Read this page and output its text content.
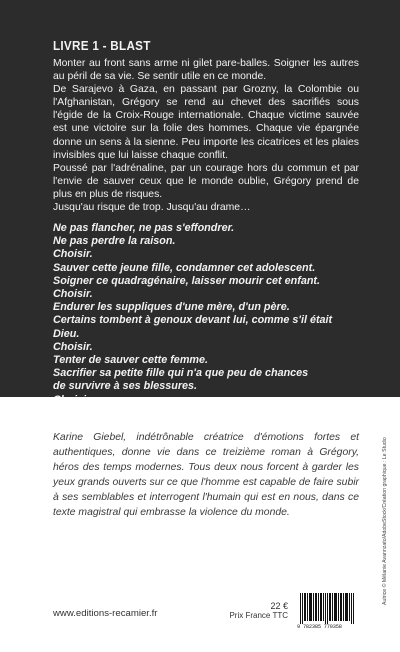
LIVRE 1 - BLAST

Monter au front sans arme ni gilet pare-balles. Soigner les autres au péril de sa vie. Se sentir utile en ce monde.

De Sarajevo à Gaza, en passant par Grozny, la Colombie ou l'Afghanistan, Grégory se rend au chevet des sacrifiés sous l'égide de la Croix-Rouge internationale. Chaque victime sauvée est une victoire sur la folie des hommes. Chaque vie épargnée donne un sens à la sienne. Peu importe les cicatrices et les plaies invisibles que lui laisse chaque conflit.

Poussé par l'adrénaline, par un courage hors du commun et par l'envie de sauver ceux que le monde oublie, Grégory prend de plus en plus de risques.

Jusqu'au risque de trop. Jusqu'au drame…

Ne pas flancher, ne pas s'effondrer.
Ne pas perdre la raison.
Choisir.
Sauver cette jeune fille, condamner cet adolescent.
Soigner ce quadragénaire, laisser mourir cet enfant.
Choisir.
Endurer les suppliques d'une mère, d'un père.
Certains tombent à genoux devant lui, comme s'il était
Dieu.
Choisir.
Tenter de sauver cette femme.
Sacrifier sa petite fille qui n'a que peu de chances
de survivre à ses blessures.
Karine Giebel, indétrônable créatrice d'émotions fortes et authentiques, donne vie dans ce treizième roman à Grégory, héros des temps modernes. Tous deux nous forcent à garder les yeux grands ouverts sur ce que l'homme est capable de faire subir à ses semblables et interrogent l'humain qui est en nous, dans ce texte magistral qui embrasse la violence du monde.
www.editions-recamier.fr
22 €
Prix France TTC
9 782385 770358
Autrice © Mélanie Avannzato/AdobeStock/Création graphique : Le Studio
